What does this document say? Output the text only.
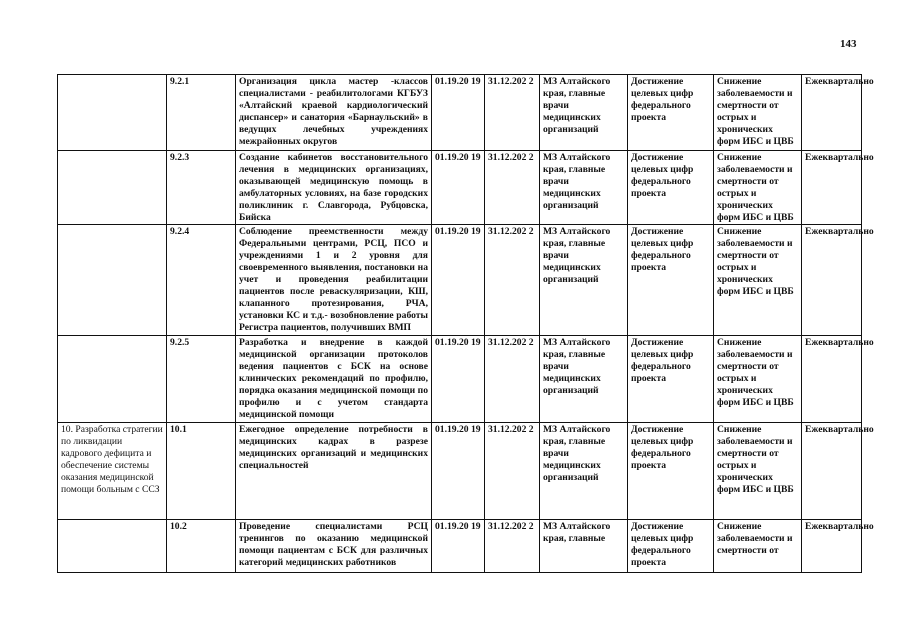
143
	9.2.1	Организация цикла мастер -классов специалистами - реабилитологами КГБУЗ «Алтайский краевой кардиологический диспансер» и санатория «Барнаульский» в ведущих лечебных учреждениях межрайонных округов	01.19.20 19	31.12.202 2	МЗ Алтайского края, главные врачи медицинских организаций	Достижение целевых цифр федерального проекта	Снижение заболеваемости и смертности от острых и хронических форм ИБС и ЦВБ	Ежеквартально
	9.2.3	Создание кабинетов восстановительного лечения в медицинских организациях, оказывающей медицинскую помощь в амбулаторных условиях, на базе городских поликлиник г. Славгорода, Рубцовска, Бийска	01.19.20 19	31.12.202 2	МЗ Алтайского края, главные врачи медицинских организаций	Достижение целевых цифр федерального проекта	Снижение заболеваемости и смертности от острых и хронических форм ИБС и ЦВБ	Ежеквартально
	9.2.4	Соблюдение преемственности между Федеральными центрами, РСЦ, ПСО и учреждениями 1 и 2 уровня для своевременного выявления, постановки на учет и проведения реабилитации пациентов после реваскуляризации, КШ, клапанного протезирования, РЧА, установки КС и т.д.- возобновление работы Регистра пациентов, получивших ВМП	01.19.20 19	31.12.202 2	МЗ Алтайского края, главные врачи медицинских организаций	Достижение целевых цифр федерального проекта	Снижение заболеваемости и смертности от острых и хронических форм ИБС и ЦВБ	Ежеквартально
	9.2.5	Разработка и внедрение в каждой медицинской организации протоколов ведения пациентов с БСК на основе клинических рекомендаций по профилю, порядка оказания медицинской помощи по профилю и с учетом стандарта медицинской помощи	01.19.20 19	31.12.202 2	МЗ Алтайского края, главные врачи медицинских организаций	Достижение целевых цифр федерального проекта	Снижение заболеваемости и смертности от острых и хронических форм ИБС и ЦВБ	Ежеквартально
10. Разработка стратегии по ликвидации кадрового дефицита и обеспечение системы оказания медицинской помощи больным с ССЗ	10.1	Ежегодное определение потребности в медицинских кадрах в разрезе медицинских организаций и медицинских специальностей	01.19.20 19	31.12.202 2	МЗ Алтайского края, главные врачи медицинских организаций	Достижение целевых цифр федерального проекта	Снижение заболеваемости и смертности от острых и хронических форм ИБС и ЦВБ	Ежеквартально
	10.2	Проведение специалистами РСЦ тренингов по оказанию медицинской помощи пациентам с БСК для различных категорий медицинских работников	01.19.20 19	31.12.202 2	МЗ Алтайского края, главные	Достижение целевых цифр федерального проекта	Снижение заболеваемости и смертности от	Ежеквартально
